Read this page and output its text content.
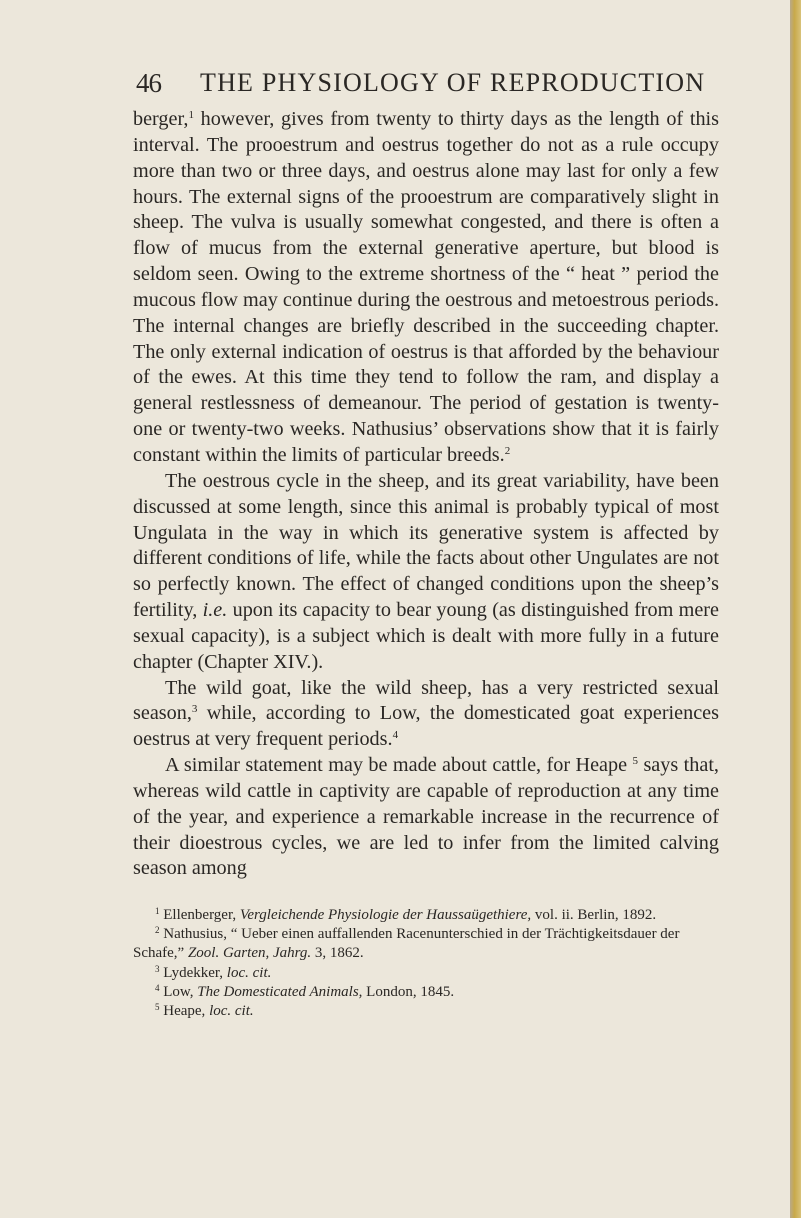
46 THE PHYSIOLOGY OF REPRODUCTION

berger,$^1$ however, gives from twenty to thirty days as the length of this interval. The prooestrum and oestrus together do not as a rule occupy more than two or three days, and oestrus alone may last for only a few hours. The external signs of the prooestrum are comparatively slight in sheep. The vulva is usually somewhat congested, and there is often a flow of mucus from the external generative aperture, but blood is seldom seen. Owing to the extreme shortness of the “ heat ” period the mucous flow may continue during the oestrous and metoestrous periods. The internal changes are briefly described in the succeeding chapter. The only external indication of oestrus is that afforded by the behaviour of the ewes. At this time they tend to follow the ram, and display a general restlessness of demeanour. The period of gestation is twenty-one or twenty-two weeks. Nathusius’ observations show that it is fairly constant within the limits of particular breeds.$^2$

The oestrous cycle in the sheep, and its great variability, have been discussed at some length, since this animal is probably typical of most Ungulata in the way in which its generative system is affected by different conditions of life, while the facts about other Ungulates are not so perfectly known. The effect of changed conditions upon the sheep’s fertility, i.e. upon its capacity to bear young (as distinguished from mere sexual capacity), is a subject which is dealt with more fully in a future chapter (Chapter XIV.).

The wild goat, like the wild sheep, has a very restricted sexual season,$^3$ while, according to Low, the domesticated goat experiences oestrus at very frequent periods.$^4$

A similar statement may be made about cattle, for Heape $^5$ says that, whereas wild cattle in captivity are capable of reproduction at any time of the year, and experience a remarkable increase in the recurrence of their dioestrous cycles, we are led to infer from the limited calving season among

$^1$ Ellenberger, Vergleichende Physiologie der Haussaügethiere, vol. ii. Berlin, 1892.

$^2$ Nathusius, “ Ueber einen auffallenden Racenunterschied in der Trächtigkeitsdauer der Schafe,” Zool. Garten, Jahrg. 3, 1862.

$^3$ Lydekker, loc. cit.

$^4$ Low, The Domesticated Animals, London, 1845.

$^5$ Heape, loc. cit.
